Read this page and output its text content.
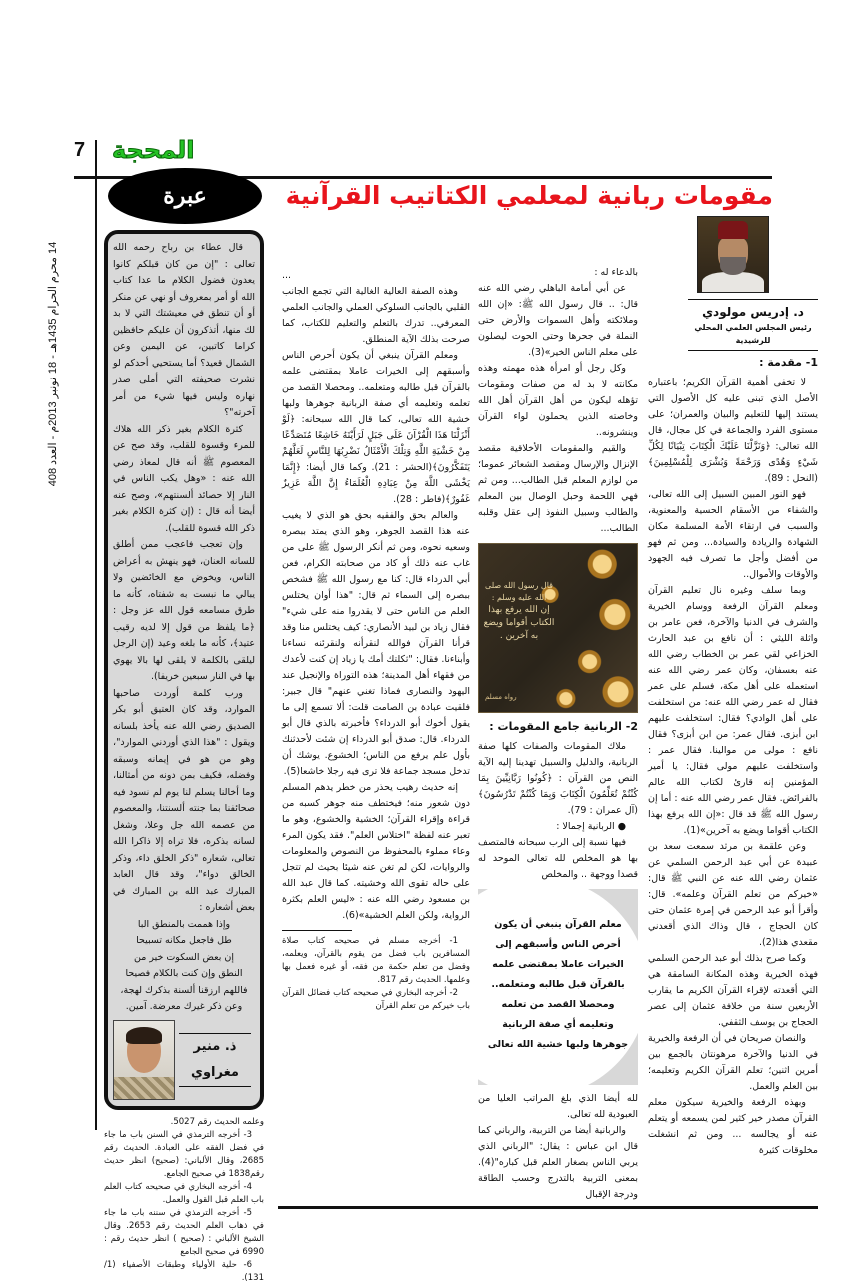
7 المحجة
14 محرم الحرام 1435هـ - 18 نونبر 2013م - العدد 408
مقومات ربانية لمعلمي الكتاتيب القرآنية
د. إدريس مولودي
رئيس المجلس العلمي المحلي للرشيدية

1- مقدمة :

لا تخفى أهمية القرآن الكريم؛ باعتباره الأصل الذي تبنى عليه كل الأصول التي يستند إليها للتعليم والبيان والعمران؛ على مستوى الفرد والجماعة في كل مجال، قال الله تعالى: ﴿وَنَزَّلْنَا عَلَيْكَ الْكِتَابَ تِبْيَانًا لِكُلِّ شَيْءٍ وَهُدًى وَرَحْمَةً وَبُشْرَى لِلْمُسْلِمِينَ﴾(النحل : 89).

فهو النور المبين السبيل إلى الله تعالى، والشفاء من الأسقام الحسية والمعنوية، والسبب في ارتقاء الأمة المسلمة مكان الشهادة والريادة والسيادة... ومن ثم فهو من أفضل وأجل ما تصرف فيه الجهود والأوقات والأموال..

وبما سلف وغيره نال تعليم القرآن ومعلم القرآن الرفعة ووسام الخيرية والشرف في الدنيا والآخرة، فعن عامر بن واثلة الليثي : أن نافع بن عبد الحارث الخزاعي لقي عمر بن الخطاب رضي الله عنه بعسفان، وكان عمر رضي الله عنه استعمله على أهل مكة، فسلم على عمر فقال له عمر رضي الله عنه: من استخلفت على أهل الوادي؟ فقال: استخلفت عليهم ابن أبزى. فقال عمر: من ابن أبزى؟ فقال نافع : مولى من موالينا. فقال عمر : واستخلفت عليهم مولى فقال: يا أمير المؤمنين إنه قارئ لكتاب الله عالم بالفرائض. فقال عمر رضي الله عنه : أما إن رسول الله ﷺ قد قال :«إن الله يرفع بهذا الكتاب أقواما ويضع به آخرين»(1).

وعن علقمة بن مرثد سمعت سعد بن عبيدة عن أبي عبد الرحمن السلمي عن عثمان رضي الله عنه عن النبي ﷺ قال: «خيركم من تعلم القرآن وعلمه». قال: وأقرأ أبو عبد الرحمن في إمرة عثمان حتى كان الحجاج ، قال وذاك الذي أقعدني مقعدي هذا(2).

وكما صرح بذلك أبو عبد الرحمن السلمي فهذه الخيرية وهذه المكانة السامقة هي التي أقعدته لإقراء القرآن الكريم ما يقارب الأربعين سنة من خلافة عثمان إلى عصر الحجاج بن يوسف الثقفي.

والنصان صريحان في أن الرفعة والخيرية في الدنيا والآخرة مرهونتان بالجمع بين أمرين اثنين؛ تعلم القرآن الكريم وتعليمه؛ بين العلم والعمل.

وبهذه الرفعة والخيرية سيكون معلم القرآن مصدر خير كثير لمن يسمعه أو يتعلم عنه أو يجالسه ... ومن ثم انشغلت مخلوقات كثيرة

بالدعاء له :

عن أبي أمامة الباهلي رضي الله عنه قال: .. قال رسول الله ﷺ: «إن الله وملائكته وأهل السموات والأرض حتى النملة في جحرها وحتى الحوت ليصلون على معلم الناس الخير»(3).

وكل رجل أو امرأة هذه مهمته وهذه مكانته لا بد له من صفات ومقومات تؤهله ليكون من أهل القرآن أهل الله وخاصته الذين يحملون لواء القرآن وينشرونه..

والقيم والمقومات الأخلاقية مقصد الإنزال والإرسال ومقصد الشعائر عموما؛ من لوازم المعلم قبل الطالب... ومن ثم فهي اللحمة وحبل الوصال بين المعلم والطالب وسبيل النفوذ إلى عقل وقلبه الطالب...

قال رسول الله صلى الله عليه وسلم :
إن الله يرفع بهذا الكتاب أقواما ويضع به آخرين .
رواه مسلم

2- الربانية جامع المقومات :

ملاك المقومات والصفات كلها صفة الربانية، والدليل والسبيل تهدينا إليه الآية النص من القرآن : ﴿كُونُوا رَبَّانِيِّينَ بِمَا كُنْتُمْ تُعَلِّمُونَ الْكِتَابَ وَبِمَا كُنْتُمْ تَدْرُسُونَ﴾(آل عمران : 79).

● الربانية إجمالا :

فيها نسبة إلى الرب سبحانه فالمتصف بها هو المخلص لله تعالى الموحد له قصدا ووجهة .. والمخلص

معلم القرآن ينبغي أن يكون أحرص الناس وأسبقهم إلى الخيرات عاملا بمقتضى علمه بالقرآن قبل طالبه ومتعلمه.. ومحصلا القصد من تعلمه وتعليمه أي صفة الربانية جوهرها ولبها خشية الله تعالى

لله أيضا الذي بلغ المراتب العليا من العبودية لله تعالى.

والربانية أيضا من التربية، والرباني كما قال ابن عباس : يقال: "الرباني الذي يربي الناس بصغار العلم قبل كباره"(4). بمعنى التربية بالتدرج وحسب الطاقة ودرجة الإقبال

...

وهذه الصفة العالية الغالية التي تجمع الجانب القلبي بالجانب السلوكي العملي والجانب العلمي المعرفي.. تدرك بالتعلم والتعليم للكتاب، كما صرحت بذلك الآية المنطلق.

ومعلم القرآن ينبغي أن يكون أحرص الناس وأسبقهم إلى الخيرات عاملا بمقتضى علمه بالقرآن قبل طالبه ومتعلمه.. ومحصلا القصد من تعلمه وتعليمه أي صفة الربانية جوهرها ولبها خشية الله تعالى، كما قال الله سبحانه: ﴿لَوْ أَنْزَلْنَا هَذَا الْقُرْآنَ عَلَى جَبَلٍ لَرَأَيْتَهُ خَاشِعًا مُتَصَدِّعًا مِنْ خَشْيَةِ اللَّهِ وَتِلْكَ الْأَمْثَالُ نَضْرِبُهَا لِلنَّاسِ لَعَلَّهُمْ يَتَفَكَّرُونَ﴾(الحشر : 21). وكما قال أيضا: ﴿إِنَّمَا يَخْشَى اللَّهَ مِنْ عِبَادِهِ الْعُلَمَاءُ إِنَّ اللَّهَ عَزِيزٌ غَفُورٌ﴾(فاطر : 28).

والعالم بحق والفقيه بحق هو الذي لا يغيب عنه هذا القصد الجوهر، وهو الذي يمتد ببصره وسعيه نحوه، ومن ثم أنكر الرسول ﷺ على من غاب عنه ذلك أو كاد من صحابته الكرام، فعن أبي الدرداء قال: كنا مع رسول الله ﷺ فشخص ببصره إلى السماء ثم قال: "هذا أوان يختلس العلم من الناس حتى لا يقدروا منه على شيء" فقال زياد بن لبيد الأنصاري: كيف يختلس منا وقد قرأنا القرآن فوالله لنقرأنه ولنقرئنه نساءنا وأبناءنا. فقال: "ثكلتك أمك يا زياد إن كنت لأعدك من فقهاء أهل المدينة؛ هذه التوراة والإنجيل عند اليهود والنصارى فماذا تغني عنهم" قال جبير: فلقيت عبادة بن الصامت قلت: ألا تسمع إلى ما يقول أخوك أبو الدرداء؟ فأخبرته بالذي قال أبو الدرداء. قال: صدق أبو الدرداء إن شئت لأحدثنك بأول علم يرفع من الناس؛ الخشوع. يوشك أن تدخل مسجد جماعة فلا ترى فيه رجلا خاشعا(5).

إنه حديث رهيب يحذر من خطر يدهم المسلم دون شعور منه؛ فيختطف منه جوهر كسبه من قراءة وإقراء القرآن؛ الخشية والخشوع، وهو ما تعبر عنه لفظة "اختلاس العلم". فقد يكون المرء وعاء مملوء بالمحفوظ من النصوص والمعلومات والروايات، لكن لم تغن عنه شيئا بحيث لم تتجل على حاله تقوى الله وخشيته. كما قال عبد الله بن مسعود رضي الله عنه : «ليس العلم بكثرة الرواية، ولكن العلم الخشية»(6).

1- أخرجه مسلم في صحيحه كتاب صلاة المسافرين باب فضل من يقوم بالقرآن، ويعلمه، وفضل من تعلم حكمة من فقه، أو غيره فعمل بها وعلمها. الحديث رقم 817.

2- أخرجه البخاري في صحيحه كتاب فضائل القرآن باب خيركم من تعلم القرآن

قال عطاء بن رباح رحمه الله تعالى : "إن من كان قبلكم كانوا يعدون فضول الكلام ما عدا كتاب الله أو أمر بمعروف أو نهي عن منكر أو أن تنطق في معيشتك التي لا بد لك منها، أتذكرون أن عليكم حافظين كراما كاتبين، عن اليمين وعن الشمال قعيد؟ أما يستحيي أحدكم لو نشرت صحيفته التي أملى صدر نهاره وليس فيها شيء من أمر آخرته"؟

كثرة الكلام بغير ذكر الله هلاك للمرء وقسوة للقلب، وقد صح عن المعصوم ﷺ أنه قال لمعاذ رضي الله عنه : «وهل يكب الناس في النار إلا حصائد ألسنتهم»، وصح عنه أيضا أنه قال : (إن كثرة الكلام بغير ذكر الله قسوة للقلب).

وإن تعجب فاعجب ممن أطلق للسانه العنان، فهو ينهش به أعراض الناس، ويخوض مع الخائضين ولا يبالي ما نبست به شفتاه، كأنه ما طرق مسامعه قول الله عز وجل : ﴿ما يلفظ من قول إلا لديه رقيب عتيد﴾، كأنه ما بلغه وعيد (إن الرجل ليلقى بالكلمة لا يلقى لها بالا يهوي بها في النار سبعين خريفا).

ورب كلمة أوردت صاحبها الموارد، وقد كان العتيق أبو بكر الصديق رضي الله عنه يأخذ بلسانه ويقول : "هذا الذي أوردني الموارد"، وهو من هو في إيمانه وسبقه وفضله، فكيف بمن دونه من أمثالنا، وما أخالنا يسلم لنا يوم لم نسود فيه صحائفنا بما جنته ألسنتنا، والمعصوم من عصمه الله جل وعلا، وشغل لسانه بذكره، فلا تراه إلا ذاكرا الله تعالى، شعاره "ذكر الخلق داء، وذكر الخالق دواء"، وقد قال العابد المبارك عبد الله بن المبارك في بعض أشعاره :

وإذا هممت بالمنطق البا
طل فاجعل مكانه تسبيحا
إن بعض السكوت خير من
النطق وإن كنت بالكلام فصيحا
فاللهم ارزقنا ألسنة بذكرك لهجة، وعن ذكر غيرك معرضة. آمين.
ذ. منير مغراوي

وعلمه الحديث رقم 5027.

3- أخرجه الترمذي في السنن باب ما جاء في فضل الفقه على العبادة. الحديث رقم 2685، وقال الألباني: (صحيح) انظر حديث رقم1838 في صحيح الجامع.

4- أخرجه البخاري في صحيحه كتاب العلم باب العلم قبل القول والعمل.

5- أخرجه الترمذي في سننه باب ما جاء في ذهاب العلم الحديث رقم 2653. وقال الشيخ الألباني : (صحيح ) انظر حديث رقم : 6990 في صحيح الجامع

6- حلية الأولياء وطبقات الأصفياء (1/ 131).

عبرة
